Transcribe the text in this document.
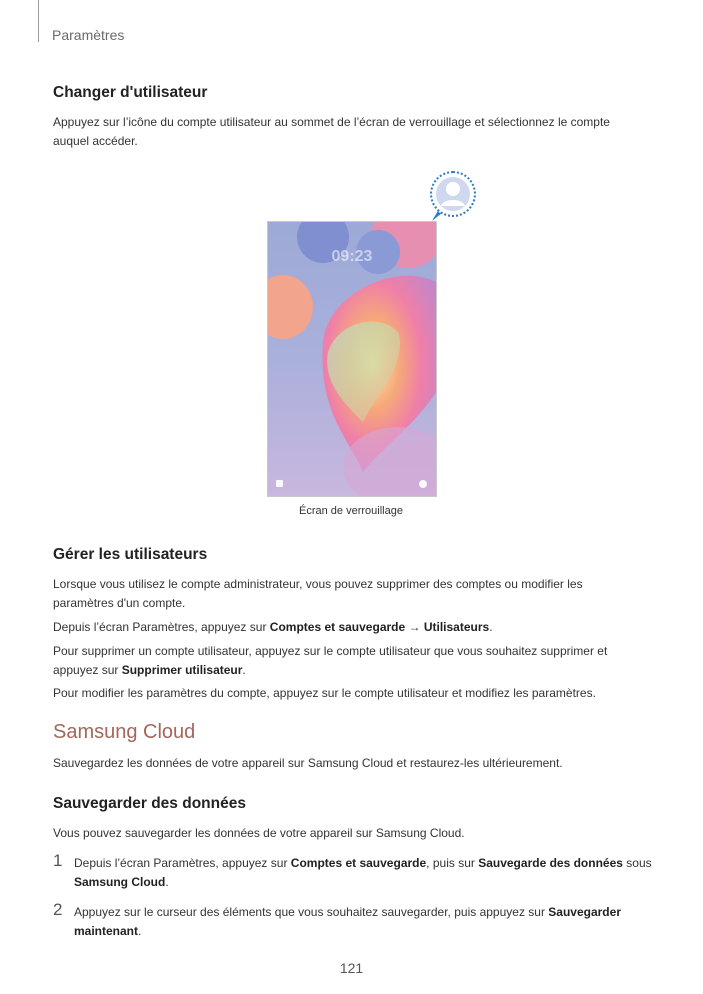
Paramètres
Changer d'utilisateur
Appuyez sur l’icône du compte utilisateur au sommet de l’écran de verrouillage et sélectionnez le compte auquel accéder.
09:23
Écran de verrouillage
Gérer les utilisateurs
Lorsque vous utilisez le compte administrateur, vous pouvez supprimer des comptes ou modifier les paramètres d'un compte.
Depuis l’écran Paramètres, appuyez sur Comptes et sauvegarde → Utilisateurs.
Pour supprimer un compte utilisateur, appuyez sur le compte utilisateur que vous souhaitez supprimer et appuyez sur Supprimer utilisateur.
Pour modifier les paramètres du compte, appuyez sur le compte utilisateur et modifiez les paramètres.
Samsung Cloud
Sauvegardez les données de votre appareil sur Samsung Cloud et restaurez-les ultérieurement.
Sauvegarder des données
Vous pouvez sauvegarder les données de votre appareil sur Samsung Cloud.
1 Depuis l’écran Paramètres, appuyez sur Comptes et sauvegarde, puis sur Sauvegarde des données sous Samsung Cloud.
2 Appuyez sur le curseur des éléments que vous souhaitez sauvegarder, puis appuyez sur Sauvegarder maintenant.
121
